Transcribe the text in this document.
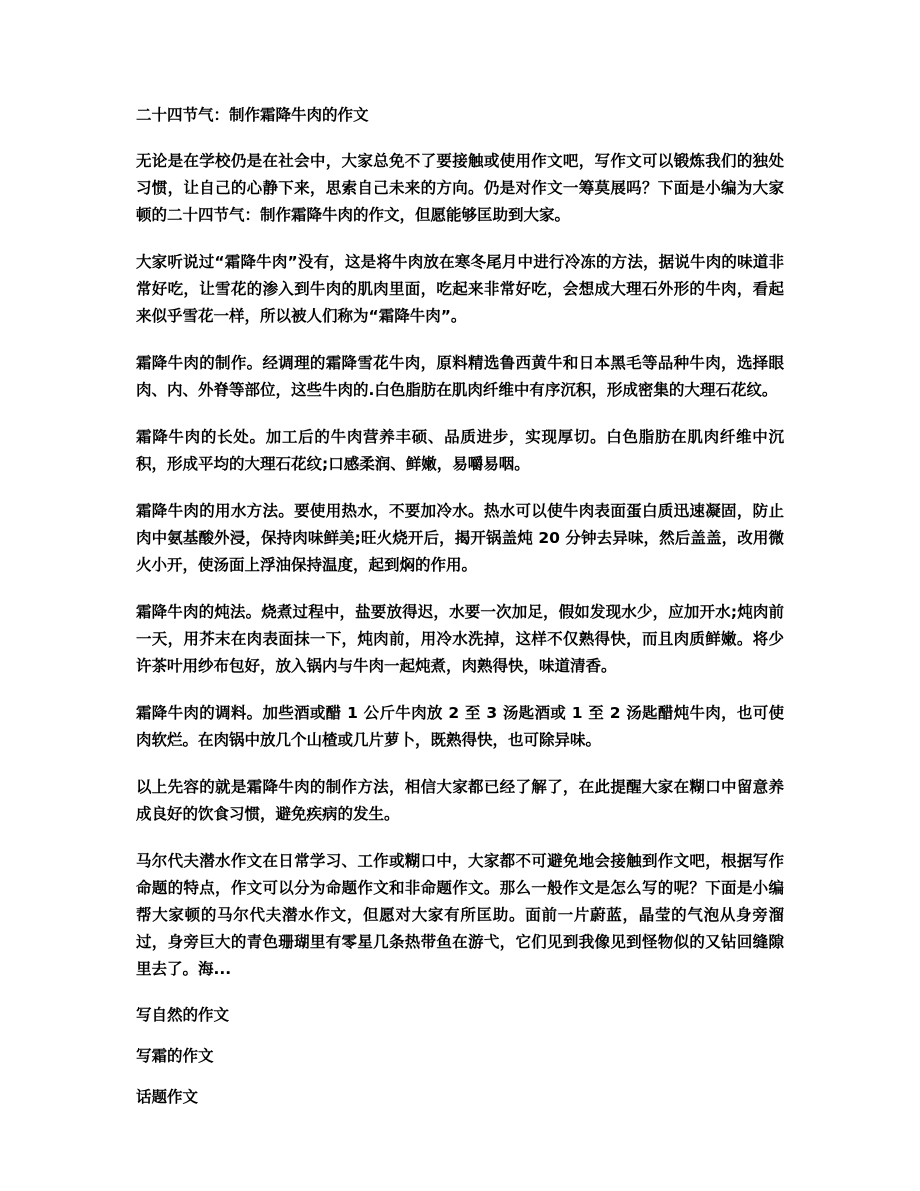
二十四节气：制作霜降牛肉的作文

无论是在学校仍是在社会中，大家总免不了要接触或使用作文吧，写作文可以锻炼我们的独处习惯，让自己的心静下来，思索自己未来的方向。仍是对作文一筹莫展吗？下面是小编为大家顿的二十四节气：制作霜降牛肉的作文，但愿能够匡助到大家。

大家听说过“霜降牛肉”没有，这是将牛肉放在寒冬尾月中进行冷冻的方法，据说牛肉的味道非常好吃，让雪花的渗入到牛肉的肌肉里面，吃起来非常好吃，会想成大理石外形的牛肉，看起来似乎雪花一样，所以被人们称为“霜降牛肉”。

霜降牛肉的制作。经调理的霜降雪花牛肉，原料精选鲁西黄牛和日本黑毛等品种牛肉，选择眼肉、内、外脊等部位，这些牛肉的.白色脂肪在肌肉纤维中有序沉积，形成密集的大理石花纹。

霜降牛肉的长处。加工后的牛肉营养丰硕、品质进步，实现厚切。白色脂肪在肌肉纤维中沉积，形成平均的大理石花纹;口感柔润、鲜嫩，易嚼易咽。

霜降牛肉的用水方法。要使用热水，不要加冷水。热水可以使牛肉表面蛋白质迅速凝固，防止肉中氨基酸外浸，保持肉味鲜美;旺火烧开后，揭开锅盖炖 20 分钟去异味，然后盖盖，改用微火小开，使汤面上浮油保持温度，起到焖的作用。

霜降牛肉的炖法。烧煮过程中，盐要放得迟，水要一次加足，假如发现水少，应加开水;炖肉前一天，用芥末在肉表面抹一下，炖肉前，用冷水洗掉，这样不仅熟得快，而且肉质鲜嫩。将少许茶叶用纱布包好，放入锅内与牛肉一起炖煮，肉熟得快，味道清香。

霜降牛肉的调料。加些酒或醋 1 公斤牛肉放 2 至 3 汤匙酒或 1 至 2 汤匙醋炖牛肉，也可使肉软烂。在肉锅中放几个山楂或几片萝卜，既熟得快，也可除异味。

以上先容的就是霜降牛肉的制作方法，相信大家都已经了解了，在此提醒大家在糊口中留意养成良好的饮食习惯，避免疾病的发生。

马尔代夫潜水作文在日常学习、工作或糊口中，大家都不可避免地会接触到作文吧，根据写作命题的特点，作文可以分为命题作文和非命题作文。那么一般作文是怎么写的呢？下面是小编帮大家顿的马尔代夫潜水作文，但愿对大家有所匡助。面前一片蔚蓝，晶莹的气泡从身旁溜过，身旁巨大的青色珊瑚里有零星几条热带鱼在游弋，它们见到我像见到怪物似的又钻回缝隙里去了。海...

写自然的作文
写霜的作文
话题作文
